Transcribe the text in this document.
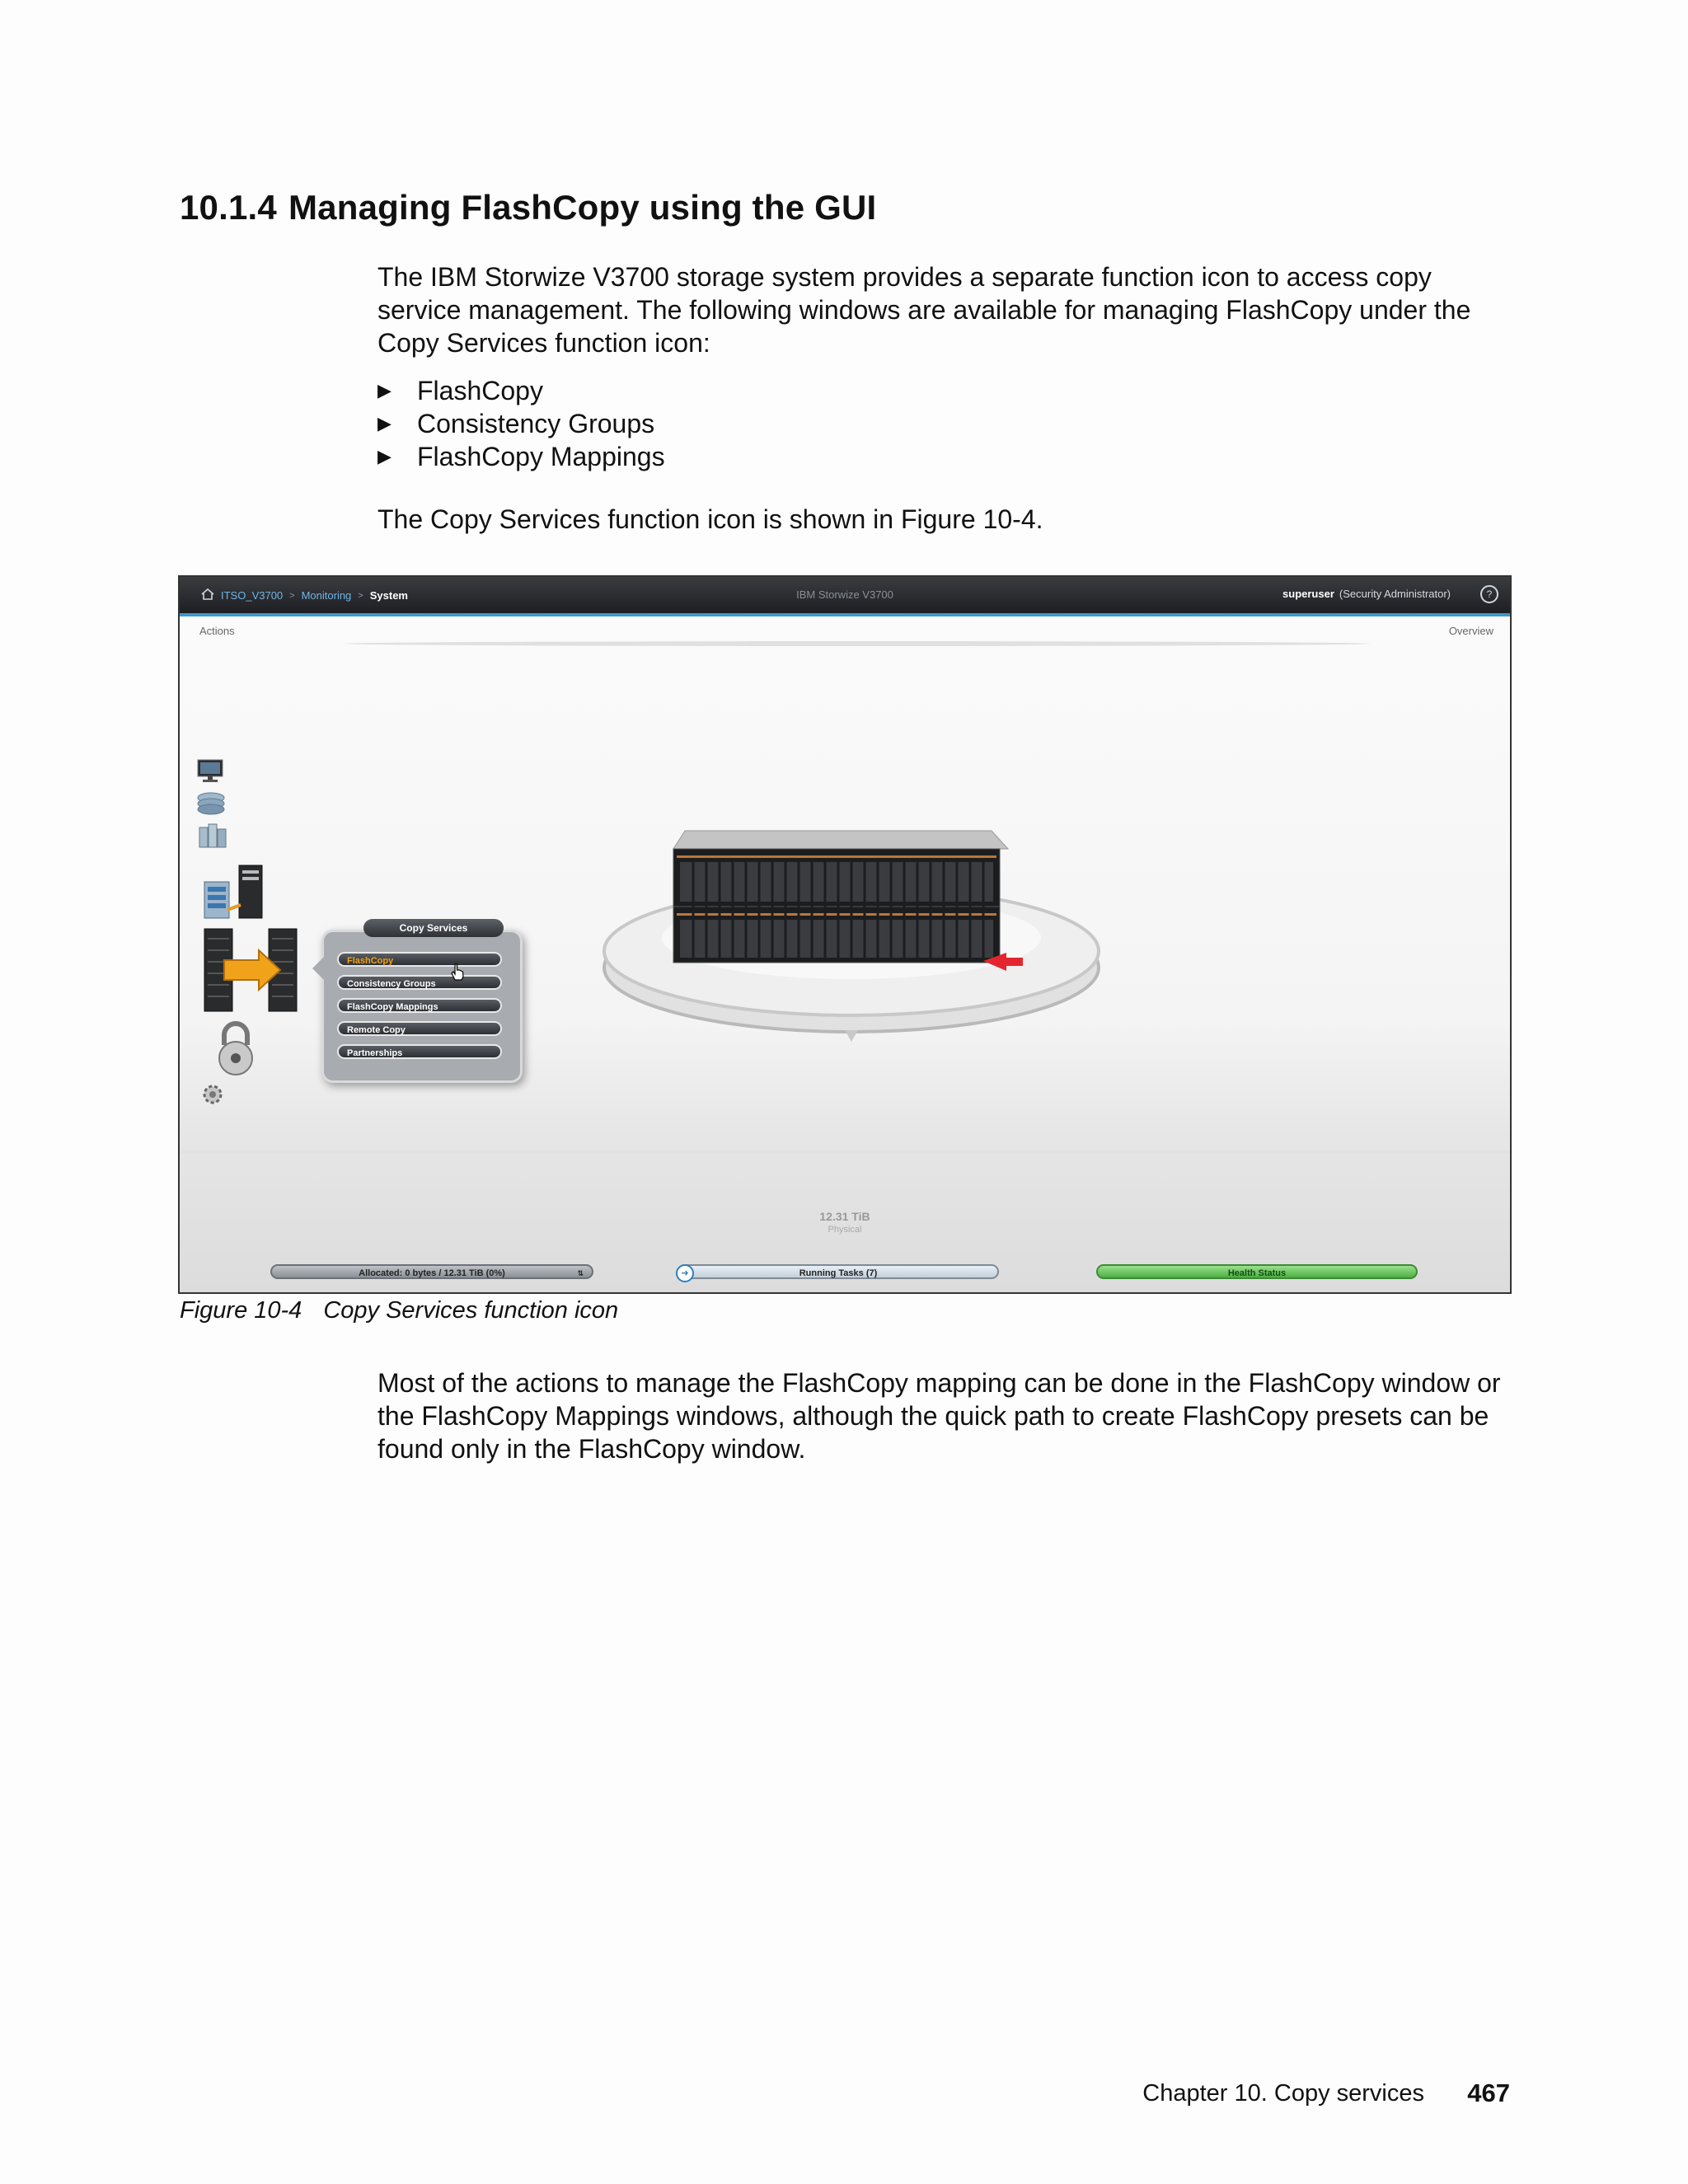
10.1.4 Managing FlashCopy using the GUI

The IBM Storwize V3700 storage system provides a separate function icon to access copy service management. The following windows are available for managing FlashCopy under the Copy Services function icon:

▶ FlashCopy
▶ Consistency Groups
▶ FlashCopy Mappings

The Copy Services function icon is shown in Figure 10-4.

ITSO_V3700 > Monitoring > System	IBM Storwize V3700	superuser (Security Administrator)	?
Actions	Overview
Copy Services
FlashCopy
Consistency Groups
FlashCopy Mappings
Remote Copy
Partnerships
12.31 TiB
Physical
Allocated: 0 bytes / 12.31 TiB (0%)	⇅	➜	Running Tasks (7)	Health Status
Figure 10-4 Copy Services function icon

Most of the actions to manage the FlashCopy mapping can be done in the FlashCopy window or the FlashCopy Mappings windows, although the quick path to create FlashCopy presets can be found only in the FlashCopy window.

Chapter 10. Copy services 467
